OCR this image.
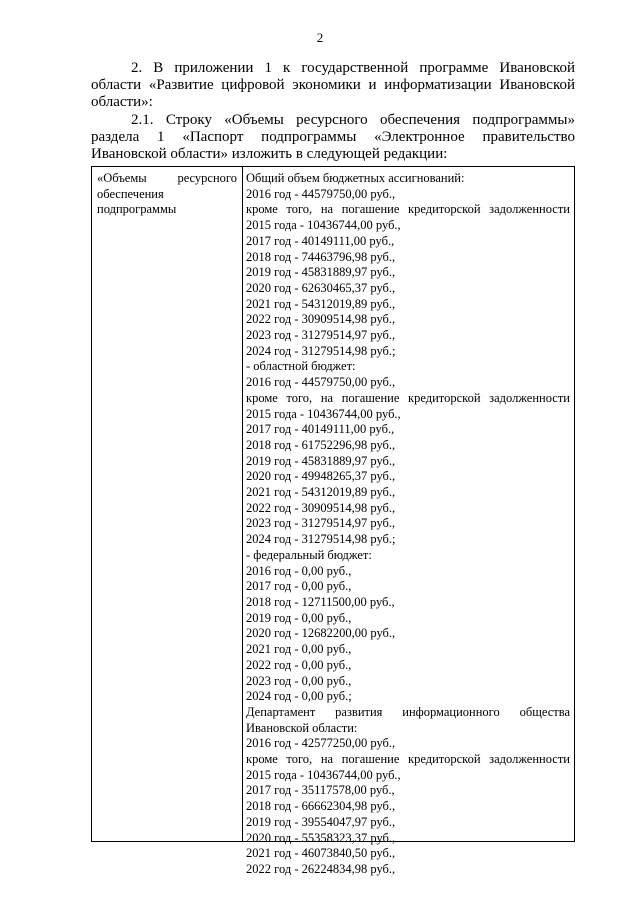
2
2. В приложении 1 к государственной программе Ивановской области «Развитие цифровой экономики и информатизации Ивановской области»:
2.1. Строку «Объемы ресурсного обеспечения подпрограммы» раздела 1 «Паспорт подпрограммы «Электронное правительство Ивановской области» изложить в следующей редакции:
«Объемы ресурсного
обеспечения
подпрограммы
Общий объем бюджетных ассигнований:
2016 год - 44579750,00 руб.,
кроме того, на погашение кредиторской задолженности
2015 года - 10436744,00 руб.,
2017 год - 40149111,00 руб.,
2018 год - 74463796,98 руб.,
2019 год - 45831889,97 руб.,
2020 год - 62630465,37 руб.,
2021 год - 54312019,89 руб.,
2022 год - 30909514,98 руб.,
2023 год - 31279514,97 руб.,
2024 год - 31279514,98 руб.;
- областной бюджет:
2016 год - 44579750,00 руб.,
кроме того, на погашение кредиторской задолженности
2015 года - 10436744,00 руб.,
2017 год - 40149111,00 руб.,
2018 год - 61752296,98 руб.,
2019 год - 45831889,97 руб.,
2020 год - 49948265,37 руб.,
2021 год - 54312019,89 руб.,
2022 год - 30909514,98 руб.,
2023 год - 31279514,97 руб.,
2024 год - 31279514,98 руб.;
- федеральный бюджет:
2016 год - 0,00 руб.,
2017 год - 0,00 руб.,
2018 год - 12711500,00 руб.,
2019 год - 0,00 руб.,
2020 год - 12682200,00 руб.,
2021 год - 0,00 руб.,
2022 год - 0,00 руб.,
2023 год - 0,00 руб.,
2024 год - 0,00 руб.;
Департамент развития информационного общества
Ивановской области:
2016 год - 42577250,00 руб.,
кроме того, на погашение кредиторской задолженности
2015 года - 10436744,00 руб.,
2017 год - 35117578,00 руб.,
2018 год - 66662304,98 руб.,
2019 год - 39554047,97 руб.,
2020 год - 55358323,37 руб.,
2021 год - 46073840,50 руб.,
2022 год - 26224834,98 руб.,
